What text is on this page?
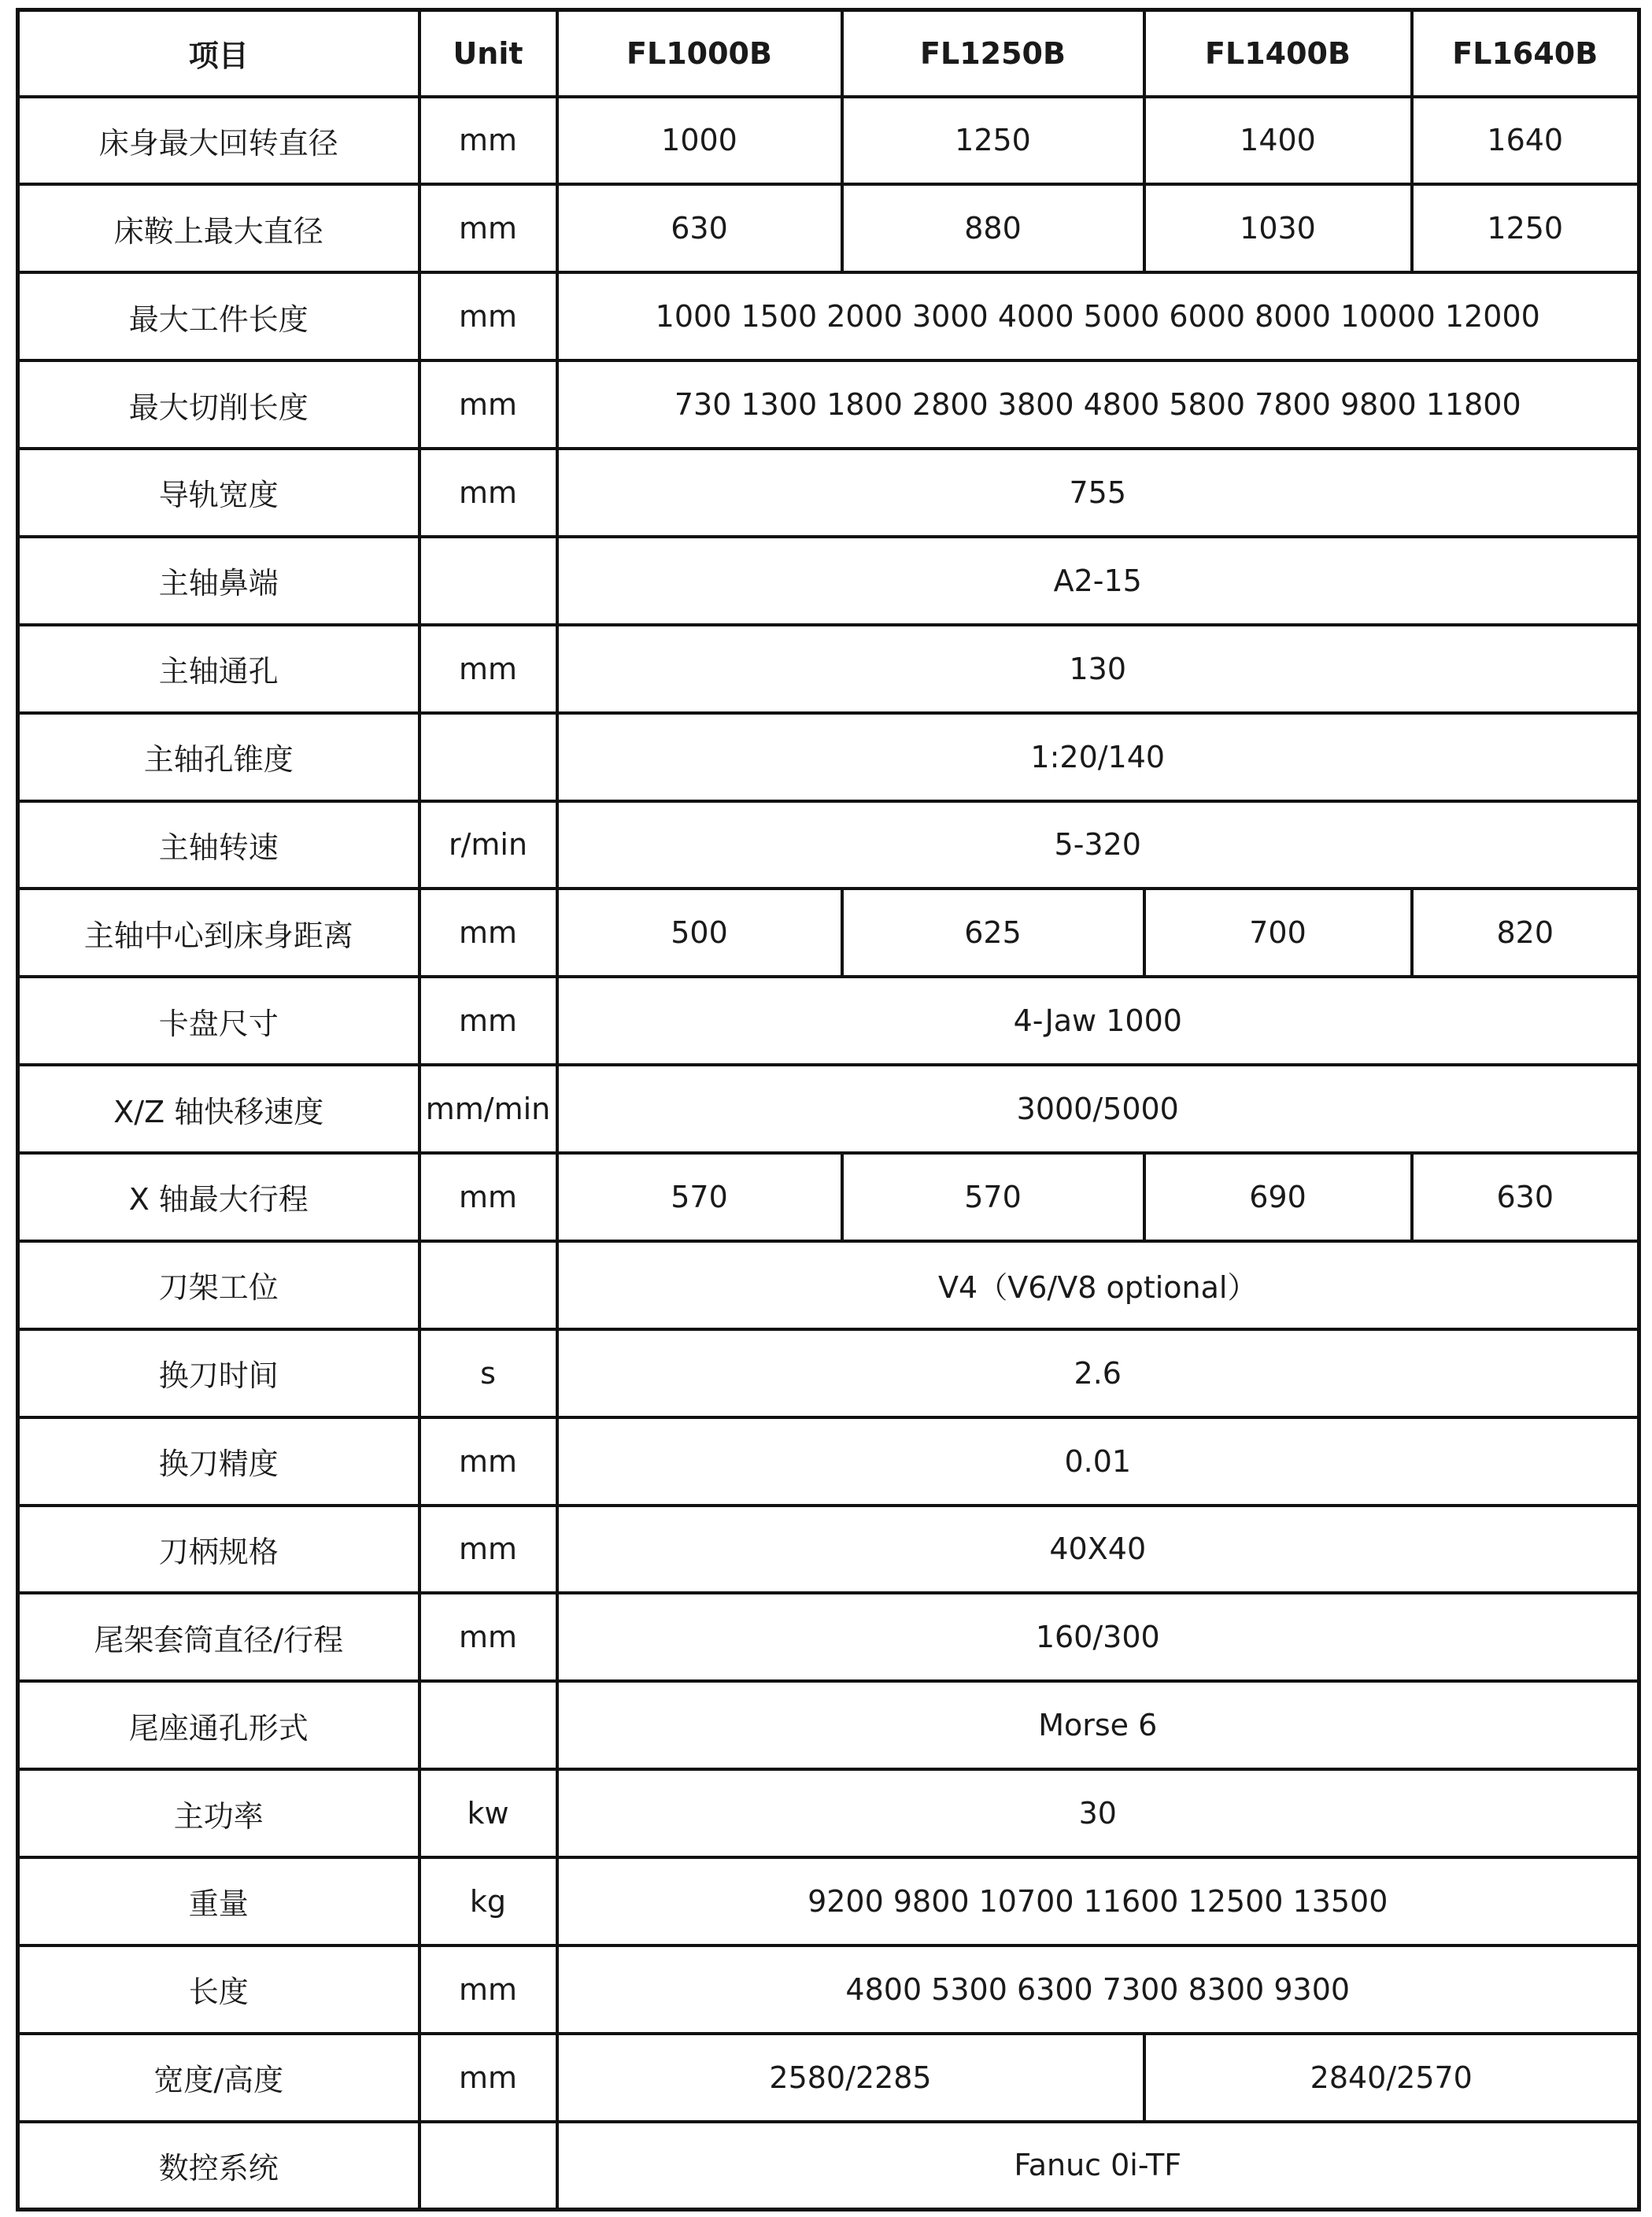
项目	Unit	FL1000B	FL1250B	FL1400B	FL1640B
床身最大回转直径	mm	1000	1250	1400	1640
床鞍上最大直径	mm	630	880	1030	1250
最大工件长度	mm	1000 1500 2000 3000 4000 5000 6000 8000 10000 12000			
最大切削长度	mm	730 1300 1800 2800 3800 4800 5800 7800 9800 11800			
导轨宽度	mm	755			
主轴鼻端		A2-15			
主轴通孔	mm	130			
主轴孔锥度		1:20/140			
主轴转速	r/min	5-320			
主轴中心到床身距离	mm	500	625	700	820
卡盘尺寸	mm	4-Jaw 1000			
X/Z 轴快移速度	mm/min	3000/5000			
X 轴最大行程	mm	570	570	690	630
刀架工位		V4（V6/V8 optional）			
换刀时间	s	2.6			
换刀精度	mm	0.01			
刀柄规格	mm	40X40			
尾架套筒直径/行程	mm	160/300			
尾座通孔形式		Morse 6			
主功率	kw	30			
重量	kg	9200 9800 10700 11600 12500 13500			
长度	mm	4800 5300 6300 7300 8300 9300			
宽度/高度	mm	2580/2285		2840/2570	
数控系统		Fanuc 0i-TF			
